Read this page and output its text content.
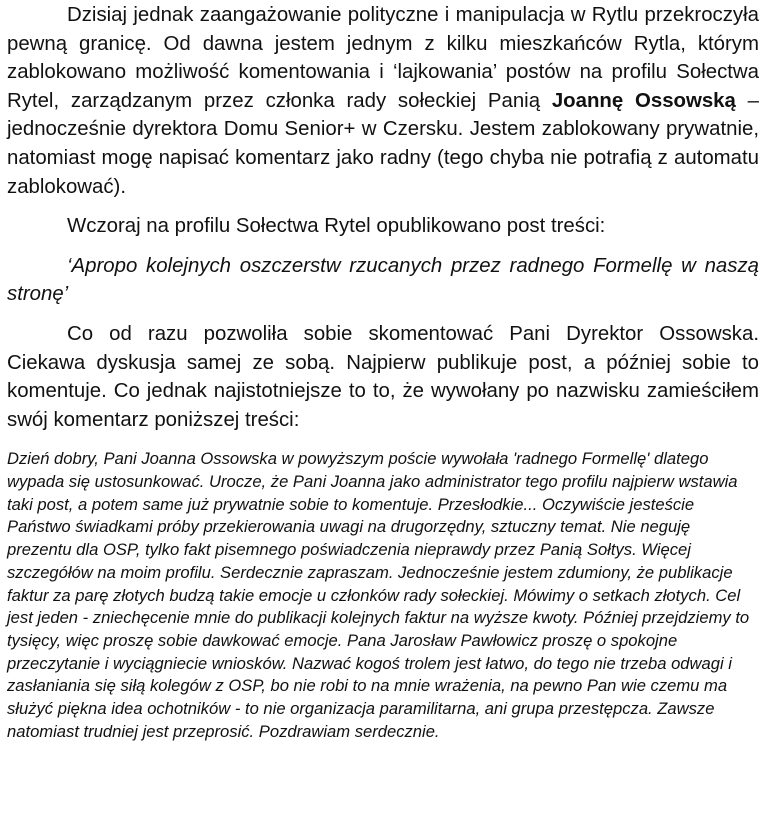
Dzisiaj jednak zaangażowanie polityczne i manipulacja w Rytlu przekroczyła pewną granicę. Od dawna jestem jednym z kilku mieszkańców Rytla, którym zablokowano możliwość komentowania i ‘lajkowania’ postów na profilu Sołectwa Rytel, zarządzanym przez członka rady sołeckiej Panią Joannę Ossowską – jednocześnie dyrektora Domu Senior+ w Czersku. Jestem zablokowany prywatnie, natomiast mogę napisać komentarz jako radny (tego chyba nie potrafią z automatu zablokować).

Wczoraj na profilu Sołectwa Rytel opublikowano post treści:

‘Apropo kolejnych oszczerstw rzucanych przez radnego Formellę w naszą stronę’

Co od razu pozwoliła sobie skomentować Pani Dyrektor Ossowska. Ciekawa dyskusja samej ze sobą. Najpierw publikuje post, a później sobie to komentuje. Co jednak najistotniejsze to to, że wywołany po nazwisku zamieściłem swój komentarz poniższej treści:

Dzień dobry, Pani Joanna Ossowska w powyższym poście wywołała 'radnego Formellę' dlatego wypada się ustosunkować. Urocze, że Pani Joanna jako administrator tego profilu najpierw wstawia taki post, a potem same już prywatnie sobie to komentuje. Przesłodkie... Oczywiście jesteście Państwo świadkami próby przekierowania uwagi na drugorzędny, sztuczny temat. Nie neguję prezentu dla OSP, tylko fakt pisemnego poświadczenia nieprawdy przez Panią Sołtys. Więcej szczegółów na moim profilu. Serdecznie zapraszam. Jednocześnie jestem zdumiony, że publikacje faktur za parę złotych budzą takie emocje u członków rady sołeckiej. Mówimy o setkach złotych. Cel jest jeden - zniechęcenie mnie do publikacji kolejnych faktur na wyższe kwoty. Później przejdziemy to tysięcy, więc proszę sobie dawkować emocje. Pana Jarosław Pawłowicz proszę o spokojne przeczytanie i wyciągniecie wniosków. Nazwać kogoś trolem jest łatwo, do tego nie trzeba odwagi i zasłaniania się siłą kolegów z OSP, bo nie robi to na mnie wrażenia, na pewno Pan wie czemu ma służyć piękna idea ochotników - to nie organizacja paramilitarna, ani grupa przestępcza. Zawsze natomiast trudniej jest przeprosić. Pozdrawiam serdecznie.
